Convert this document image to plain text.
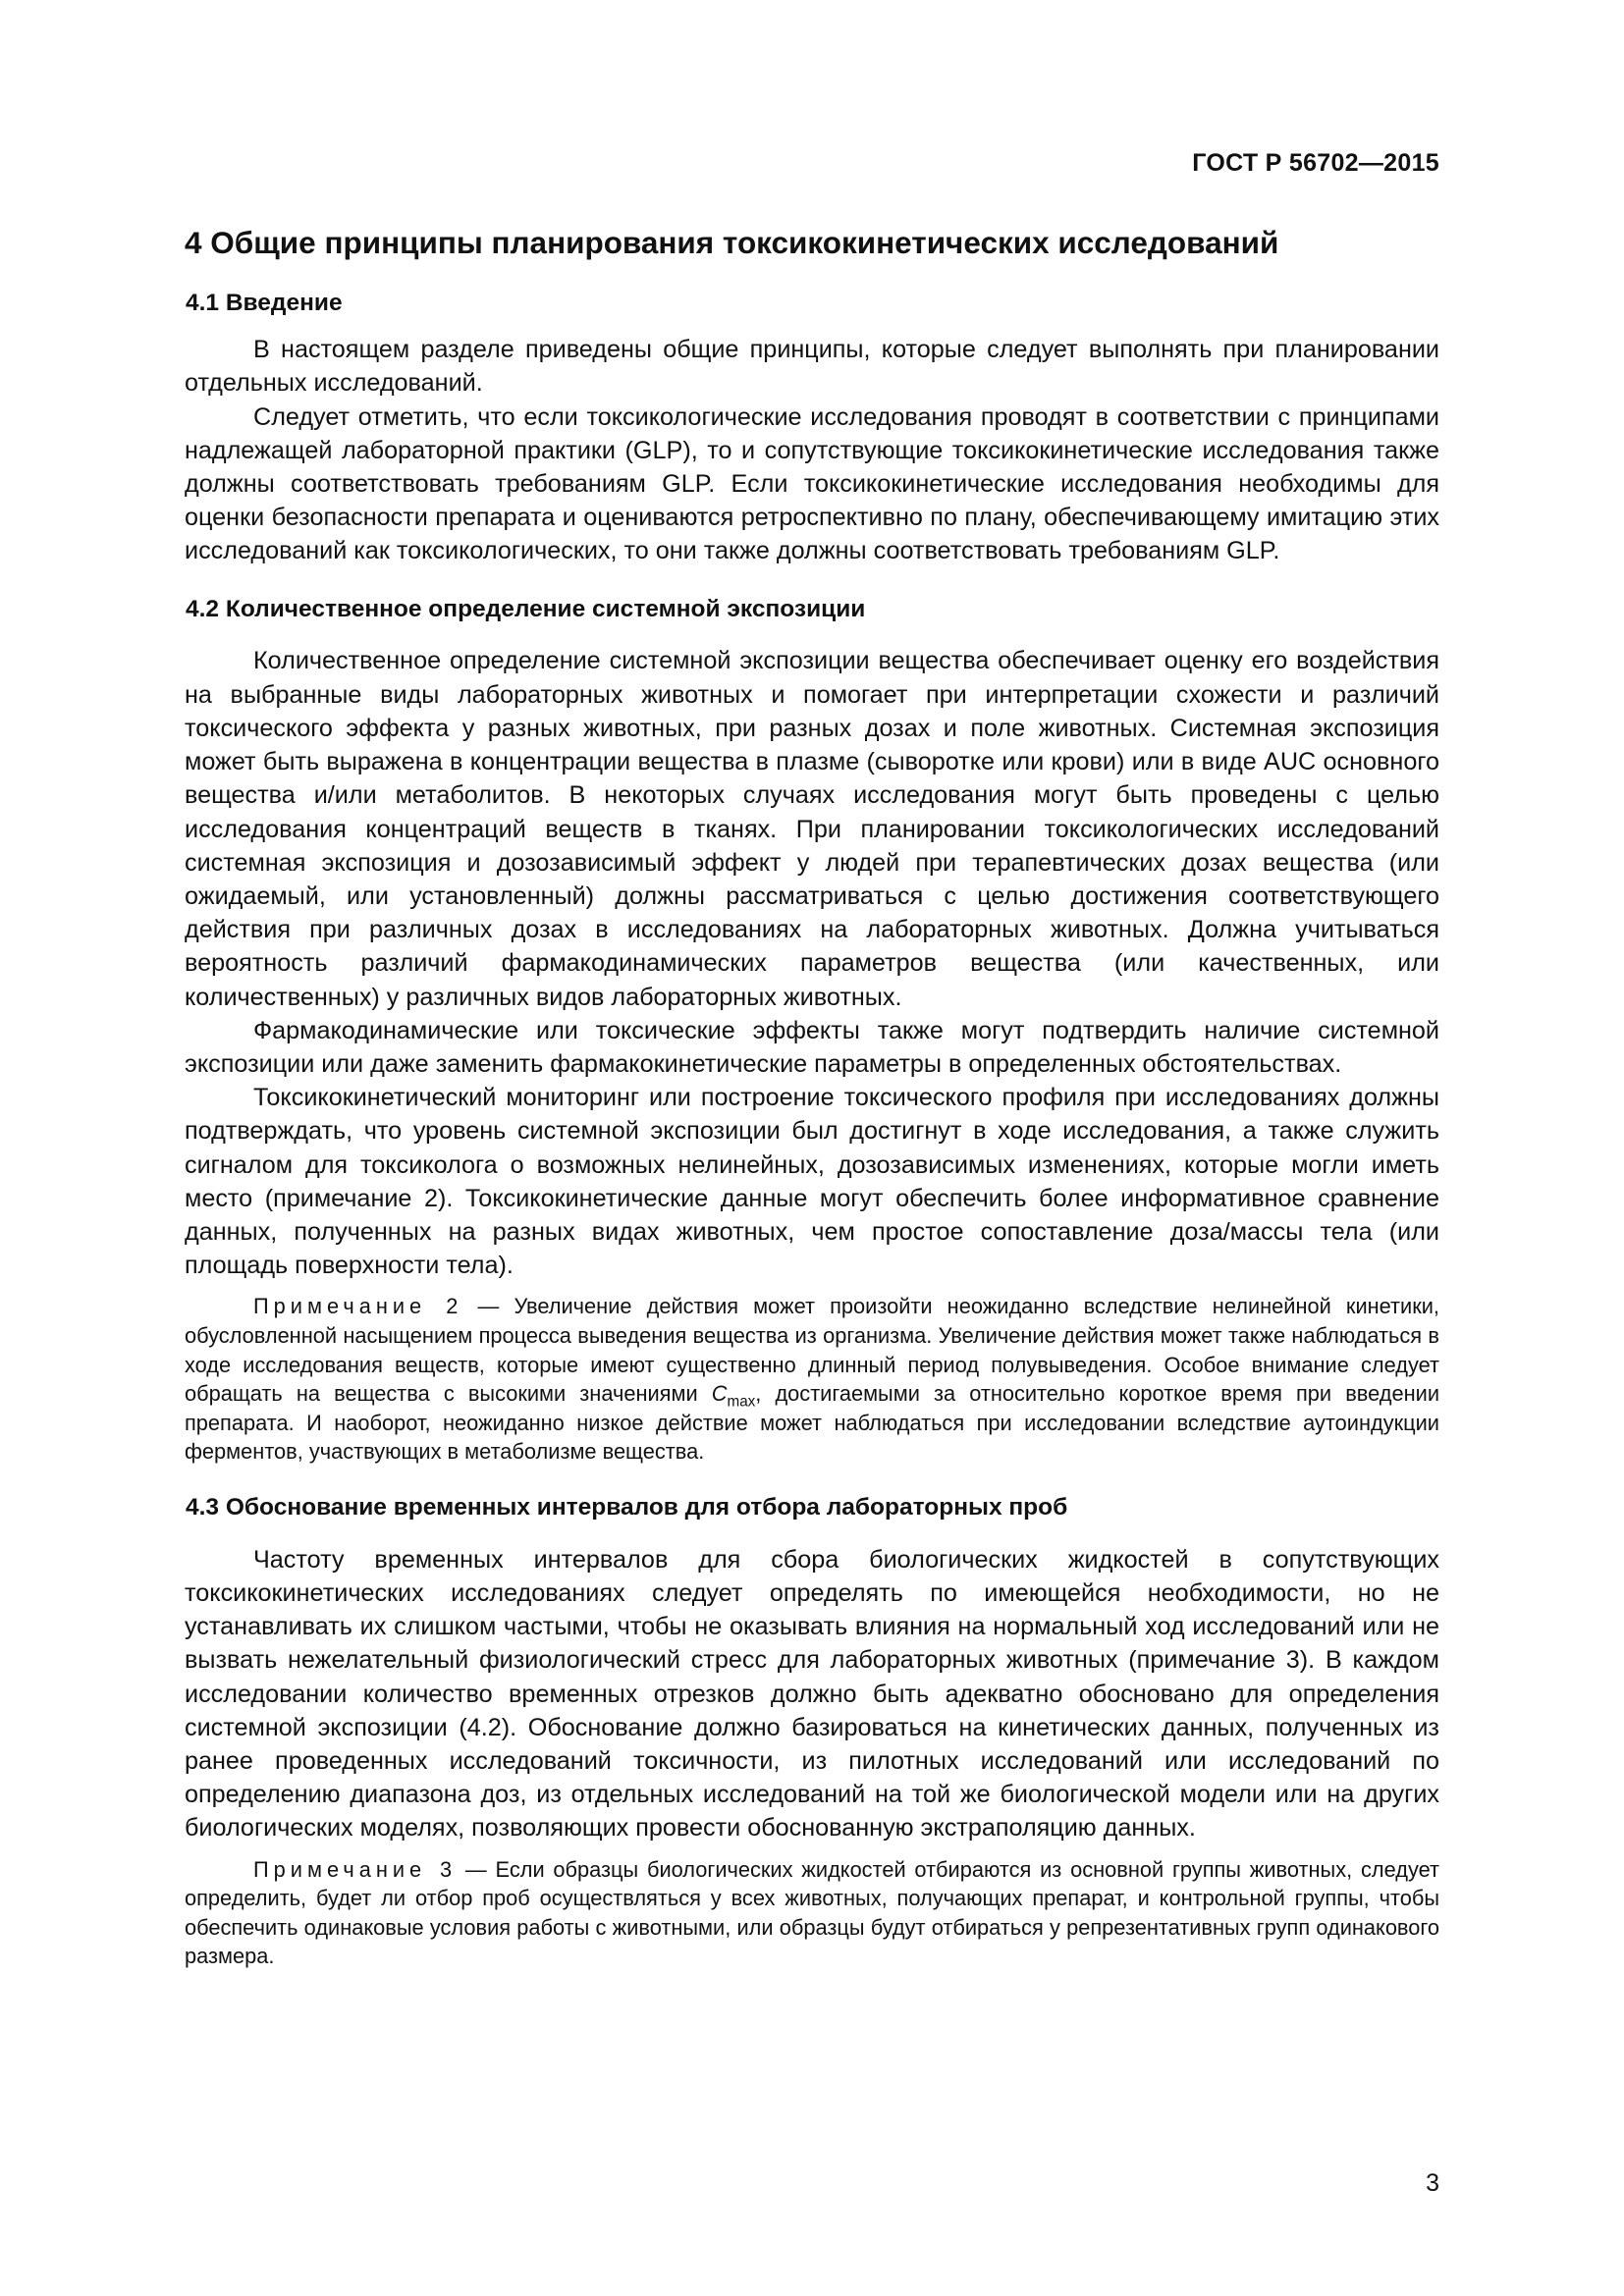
ГОСТ Р 56702—2015
4 Общие принципы планирования токсикокинетических исследований
4.1 Введение

В настоящем разделе приведены общие принципы, которые следует выполнять при планировании отдельных исследований.

Следует отметить, что если токсикологические исследования проводят в соответствии с принципами надлежащей лабораторной практики (GLP), то и сопутствующие токсикокинетические исследования также должны соответствовать требованиям GLP. Если токсикокинетические исследования необходимы для оценки безопасности препарата и оцениваются ретроспективно по плану, обеспечивающему имитацию этих исследований как токсикологических, то они также должны соответствовать требованиям GLP.

4.2 Количественное определение системной экспозиции

Количественное определение системной экспозиции вещества обеспечивает оценку его воздействия на выбранные виды лабораторных животных и помогает при интерпретации схожести и различий токсического эффекта у разных животных, при разных дозах и поле животных. Системная экспозиция может быть выражена в концентрации вещества в плазме (сыворотке или крови) или в виде AUC основного вещества и/или метаболитов. В некоторых случаях исследования могут быть проведены с целью исследования концентраций веществ в тканях. При планировании токсикологических исследований системная экспозиция и дозозависимый эффект у людей при терапевтических дозах вещества (или ожидаемый, или установленный) должны рассматриваться с целью достижения соответствующего действия при различных дозах в исследованиях на лабораторных животных. Должна учитываться вероятность различий фармакодинамических параметров вещества (или качественных, или количественных) у различных видов лабораторных животных.

Фармакодинамические или токсические эффекты также могут подтвердить наличие системной экспозиции или даже заменить фармакокинетические параметры в определенных обстоятельствах.

Токсикокинетический мониторинг или построение токсического профиля при исследованиях должны подтверждать, что уровень системной экспозиции был достигнут в ходе исследования, а также служить сигналом для токсиколога о возможных нелинейных, дозозависимых изменениях, которые могли иметь место (примечание 2). Токсикокинетические данные могут обеспечить более информативное сравнение данных, полученных на разных видах животных, чем простое сопоставление доза/массы тела (или площадь поверхности тела).

Примечание 2 — Увеличение действия может произойти неожиданно вследствие нелинейной кинетики, обусловленной насыщением процесса выведения вещества из организма. Увеличение действия может также наблюдаться в ходе исследования веществ, которые имеют существенно длинный период полувыведения. Особое внимание следует обращать на вещества с высокими значениями $C_{max}$, достигаемыми за относительно короткое время при введении препарата. И наоборот, неожиданно низкое действие может наблюдаться при исследовании вследствие аутоиндукции ферментов, участвующих в метаболизме вещества.

4.3 Обоснование временных интервалов для отбора лабораторных проб

Частоту временных интервалов для сбора биологических жидкостей в сопутствующих токсикокинетических исследованиях следует определять по имеющейся необходимости, но не устанавливать их слишком частыми, чтобы не оказывать влияния на нормальный ход исследований или не вызвать нежелательный физиологический стресс для лабораторных животных (примечание 3). В каждом исследовании количество временных отрезков должно быть адекватно обосновано для определения системной экспозиции (4.2). Обоснование должно базироваться на кинетических данных, полученных из ранее проведенных исследований токсичности, из пилотных исследований или исследований по определению диапазона доз, из отдельных исследований на той же биологической модели или на других биологических моделях, позволяющих провести обоснованную экстраполяцию данных.

Примечание 3 — Если образцы биологических жидкостей отбираются из основной группы животных, следует определить, будет ли отбор проб осуществляться у всех животных, получающих препарат, и контрольной группы, чтобы обеспечить одинаковые условия работы с животными, или образцы будут отбираться у репрезентативных групп одинакового размера.

3
